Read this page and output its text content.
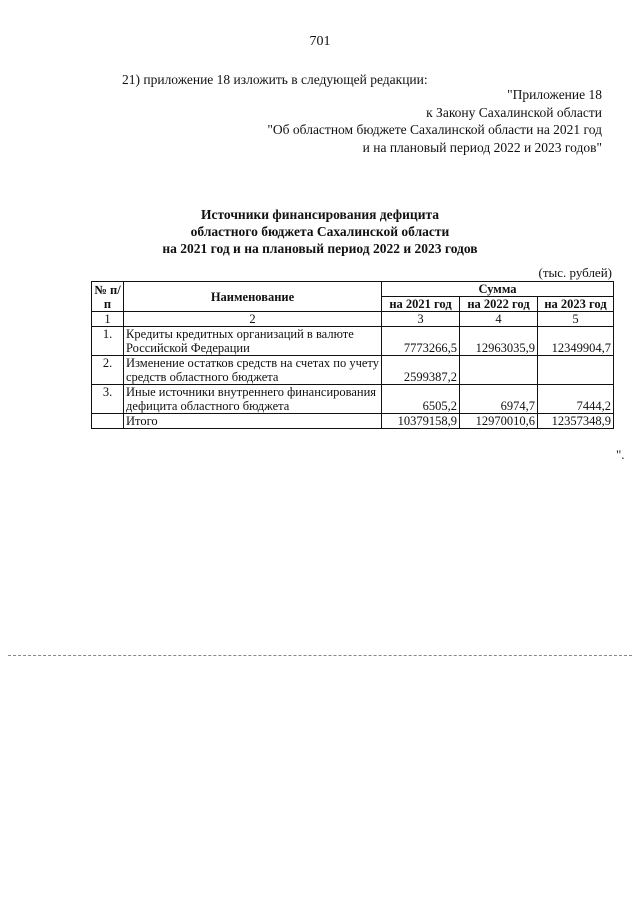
701
21) приложение 18 изложить в следующей редакции:
"Приложение 18
к Закону Сахалинской области
"Об областном бюджете Сахалинской области на 2021 год
и на плановый период 2022 и 2023 годов"
Источники финансирования дефицита
областного бюджета Сахалинской области
на 2021 год и на плановый период 2022 и 2023 годов
(тыс. рублей)
№ п/п	Наименование	Сумма		
		на 2021 год	на 2022 год	на 2023 год
1	2	3	4	5
1.	Кредиты кредитных организаций в валюте Российской Федерации	7773266,5	12963035,9	12349904,7
2.	Изменение остатков средств на счетах по учету средств областного бюджета	2599387,2		
3.	Иные источники внутреннего финансирования дефицита областного бюджета	6505,2	6974,7	7444,2
	Итого	10379158,9	12970010,6	12357348,9
".
